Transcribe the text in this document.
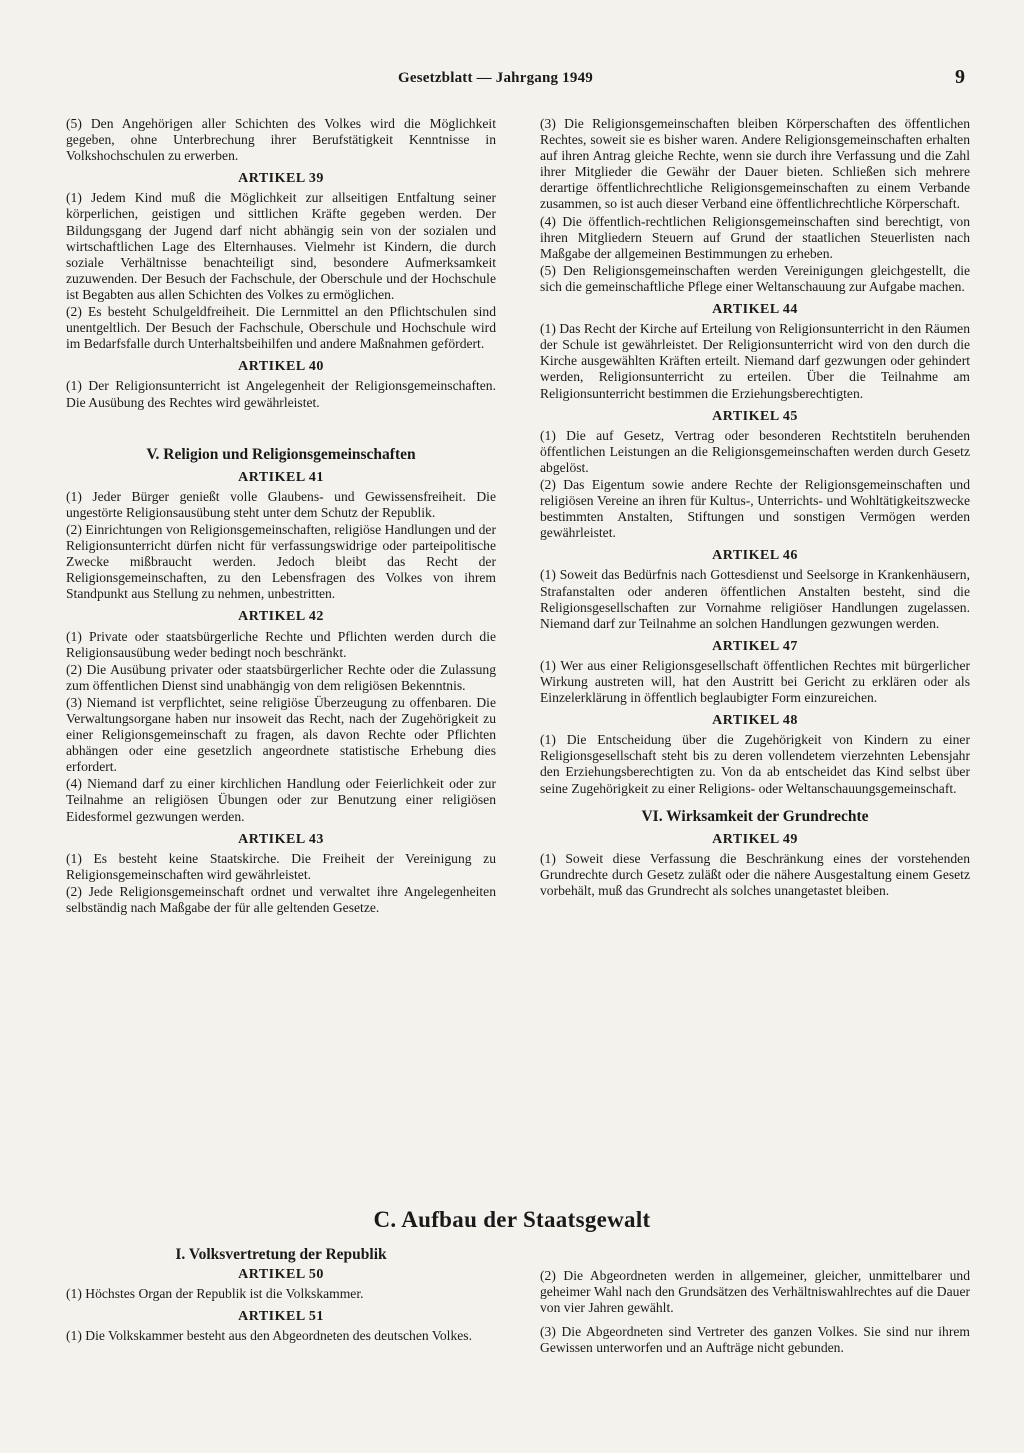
Gesetzblatt — Jahrgang 1949	9

(5) Den Angehörigen aller Schichten des Volkes wird die Möglichkeit gegeben, ohne Unterbrechung ihrer Berufstätigkeit Kenntnisse in Volkshochschulen zu erwerben.

ARTIKEL 39

(1) Jedem Kind muß die Möglichkeit zur allseitigen Entfaltung seiner körperlichen, geistigen und sittlichen Kräfte gegeben werden. Der Bildungsgang der Jugend darf nicht abhängig sein von der sozialen und wirtschaftlichen Lage des Elternhauses. Vielmehr ist Kindern, die durch soziale Verhältnisse benachteiligt sind, besondere Aufmerksamkeit zuzuwenden. Der Besuch der Fachschule, der Oberschule und der Hochschule ist Begabten aus allen Schichten des Volkes zu ermöglichen.

(2) Es besteht Schulgeldfreiheit. Die Lernmittel an den Pflichtschulen sind unentgeltlich. Der Besuch der Fachschule, Oberschule und Hochschule wird im Bedarfsfalle durch Unterhaltsbeihilfen und andere Maßnahmen gefördert.

ARTIKEL 40

(1) Der Religionsunterricht ist Angelegenheit der Religionsgemeinschaften. Die Ausübung des Rechtes wird gewährleistet.

V. Religion und Religionsgemeinschaften
ARTIKEL 41

(1) Jeder Bürger genießt volle Glaubens- und Gewissensfreiheit. Die ungestörte Religionsausübung steht unter dem Schutz der Republik.

(2) Einrichtungen von Religionsgemeinschaften, religiöse Handlungen und der Religionsunterricht dürfen nicht für verfassungswidrige oder parteipolitische Zwecke mißbraucht werden. Jedoch bleibt das Recht der Religionsgemeinschaften, zu den Lebensfragen des Volkes von ihrem Standpunkt aus Stellung zu nehmen, unbestritten.

ARTIKEL 42

(1) Private oder staatsbürgerliche Rechte und Pflichten werden durch die Religionsausübung weder bedingt noch beschränkt.

(2) Die Ausübung privater oder staatsbürgerlicher Rechte oder die Zulassung zum öffentlichen Dienst sind unabhängig von dem religiösen Bekenntnis.

(3) Niemand ist verpflichtet, seine religiöse Überzeugung zu offenbaren. Die Verwaltungsorgane haben nur insoweit das Recht, nach der Zugehörigkeit zu einer Religionsgemeinschaft zu fragen, als davon Rechte oder Pflichten abhängen oder eine gesetzlich angeordnete statistische Erhebung dies erfordert.

(4) Niemand darf zu einer kirchlichen Handlung oder Feierlichkeit oder zur Teilnahme an religiösen Übungen oder zur Benutzung einer religiösen Eidesformel gezwungen werden.

ARTIKEL 43

(1) Es besteht keine Staatskirche. Die Freiheit der Vereinigung zu Religionsgemeinschaften wird gewährleistet.

(2) Jede Religionsgemeinschaft ordnet und verwaltet ihre Angelegenheiten selbständig nach Maßgabe der für alle geltenden Gesetze.

(3) Die Religionsgemeinschaften bleiben Körperschaften des öffentlichen Rechtes, soweit sie es bisher waren. Andere Religionsgemeinschaften erhalten auf ihren Antrag gleiche Rechte, wenn sie durch ihre Verfassung und die Zahl ihrer Mitglieder die Gewähr der Dauer bieten. Schließen sich mehrere derartige öffentlichrechtliche Religionsgemeinschaften zu einem Verbande zusammen, so ist auch dieser Verband eine öffentlichrechtliche Körperschaft.

(4) Die öffentlich-rechtlichen Religionsgemeinschaften sind berechtigt, von ihren Mitgliedern Steuern auf Grund der staatlichen Steuerlisten nach Maßgabe der allgemeinen Bestimmungen zu erheben.

(5) Den Religionsgemeinschaften werden Vereinigungen gleichgestellt, die sich die gemeinschaftliche Pflege einer Weltanschauung zur Aufgabe machen.

ARTIKEL 44

(1) Das Recht der Kirche auf Erteilung von Religionsunterricht in den Räumen der Schule ist gewährleistet. Der Religionsunterricht wird von den durch die Kirche ausgewählten Kräften erteilt. Niemand darf gezwungen oder gehindert werden, Religionsunterricht zu erteilen. Über die Teilnahme am Religionsunterricht bestimmen die Erziehungsberechtigten.

ARTIKEL 45

(1) Die auf Gesetz, Vertrag oder besonderen Rechtstiteln beruhenden öffentlichen Leistungen an die Religionsgemeinschaften werden durch Gesetz abgelöst.

(2) Das Eigentum sowie andere Rechte der Religionsgemeinschaften und religiösen Vereine an ihren für Kultus-, Unterrichts- und Wohltätigkeitszwecke bestimmten Anstalten, Stiftungen und sonstigen Vermögen werden gewährleistet.

ARTIKEL 46

(1) Soweit das Bedürfnis nach Gottesdienst und Seelsorge in Krankenhäusern, Strafanstalten oder anderen öffentlichen Anstalten besteht, sind die Religionsgesellschaften zur Vornahme religiöser Handlungen zugelassen. Niemand darf zur Teilnahme an solchen Handlungen gezwungen werden.

ARTIKEL 47

(1) Wer aus einer Religionsgesellschaft öffentlichen Rechtes mit bürgerlicher Wirkung austreten will, hat den Austritt bei Gericht zu erklären oder als Einzelerklärung in öffentlich beglaubigter Form einzureichen.

ARTIKEL 48

(1) Die Entscheidung über die Zugehörigkeit von Kindern zu einer Religionsgesellschaft steht bis zu deren vollendetem vierzehnten Lebensjahr den Erziehungsberechtigten zu. Von da ab entscheidet das Kind selbst über seine Zugehörigkeit zu einer Religions- oder Weltanschauungsgemeinschaft.

VI. Wirksamkeit der Grundrechte
ARTIKEL 49

(1) Soweit diese Verfassung die Beschränkung eines der vorstehenden Grundrechte durch Gesetz zuläßt oder die nähere Ausgestaltung einem Gesetz vorbehält, muß das Grundrecht als solches unangetastet bleiben.

C. Aufbau der Staatsgewalt
I. Volksvertretung der Republik
ARTIKEL 50

(1) Höchstes Organ der Republik ist die Volkskammer.

ARTIKEL 51

(1) Die Volkskammer besteht aus den Abgeordneten des deutschen Volkes.

(2) Die Abgeordneten werden in allgemeiner, gleicher, unmittelbarer und geheimer Wahl nach den Grundsätzen des Verhältniswahlrechtes auf die Dauer von vier Jahren gewählt.

(3) Die Abgeordneten sind Vertreter des ganzen Volkes. Sie sind nur ihrem Gewissen unterworfen und an Aufträge nicht gebunden.
